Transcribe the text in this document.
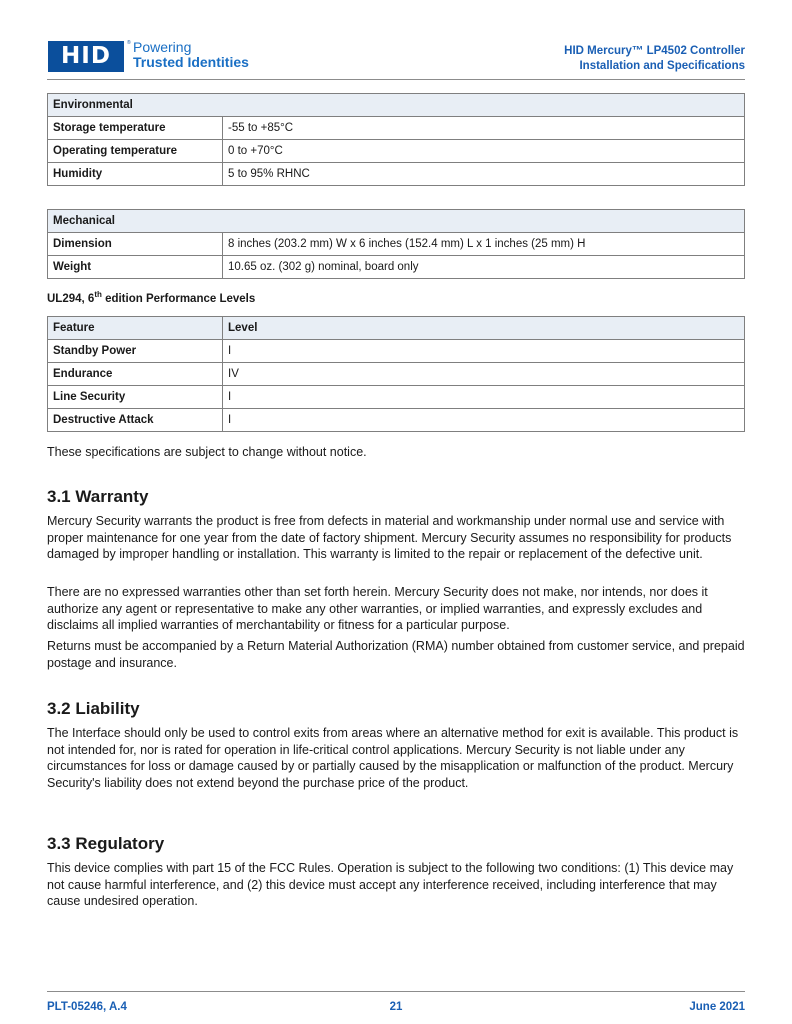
HID	® Powering
Trusted Identities
HID Mercury™ LP4502 Controller
Installation and Specifications
Environmental	
Storage temperature	-55 to +85°C
Operating temperature	0 to +70°C
Humidity	5 to 95% RHNC
Mechanical	
Dimension	8 inches (203.2 mm) W x 6 inches (152.4 mm) L x 1 inches (25 mm) H
Weight	10.65 oz. (302 g) nominal, board only
UL294, 6th edition Performance Levels
Feature	Level
Standby Power	I
Endurance	IV
Line Security	I
Destructive Attack	I
These specifications are subject to change without notice.
3.1 Warranty
Mercury Security warrants the product is free from defects in material and workmanship under normal use and service with proper maintenance for one year from the date of factory shipment. Mercury Security assumes no responsibility for products damaged by improper handling or installation. This warranty is limited to the repair or replacement of the defective unit.
There are no expressed warranties other than set forth herein. Mercury Security does not make, nor intends, nor does it authorize any agent or representative to make any other warranties, or implied warranties, and expressly excludes and disclaims all implied warranties of merchantability or fitness for a particular purpose.
Returns must be accompanied by a Return Material Authorization (RMA) number obtained from customer service, and prepaid postage and insurance.
3.2 Liability
The Interface should only be used to control exits from areas where an alternative method for exit is available. This product is not intended for, nor is rated for operation in life-critical control applications. Mercury Security is not liable under any circumstances for loss or damage caused by or partially caused by the misapplication or malfunction of the product. Mercury Security's liability does not extend beyond the purchase price of the product.
3.3 Regulatory
This device complies with part 15 of the FCC Rules. Operation is subject to the following two conditions: (1) This device may not cause harmful interference, and (2) this device must accept any interference received, including interference that may cause undesired operation.
PLT-05246, A.4	21	June 2021
